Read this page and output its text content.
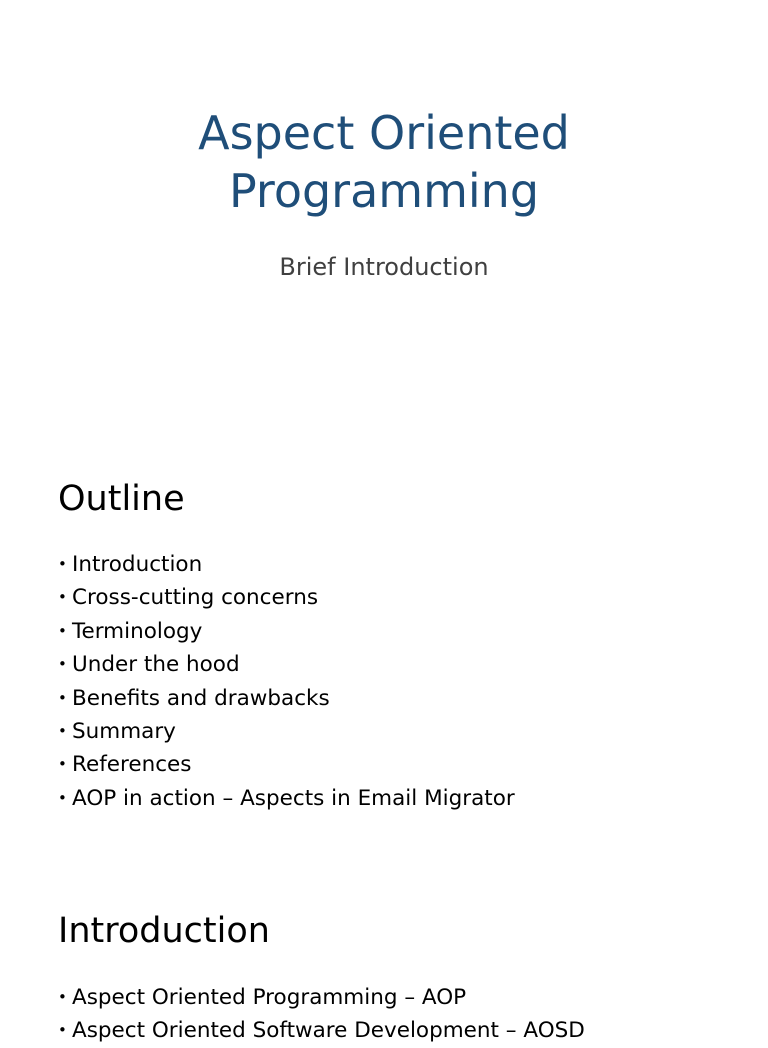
Aspect Oriented
Programming
Brief Introduction
Outline
• Introduction
• Cross-cutting concerns
• Terminology
• Under the hood
• Benefits and drawbacks
• Summary
• References
• AOP in action – Aspects in Email Migrator
Introduction
• Aspect Oriented Programming – AOP
• Aspect Oriented Software Development – AOSD
